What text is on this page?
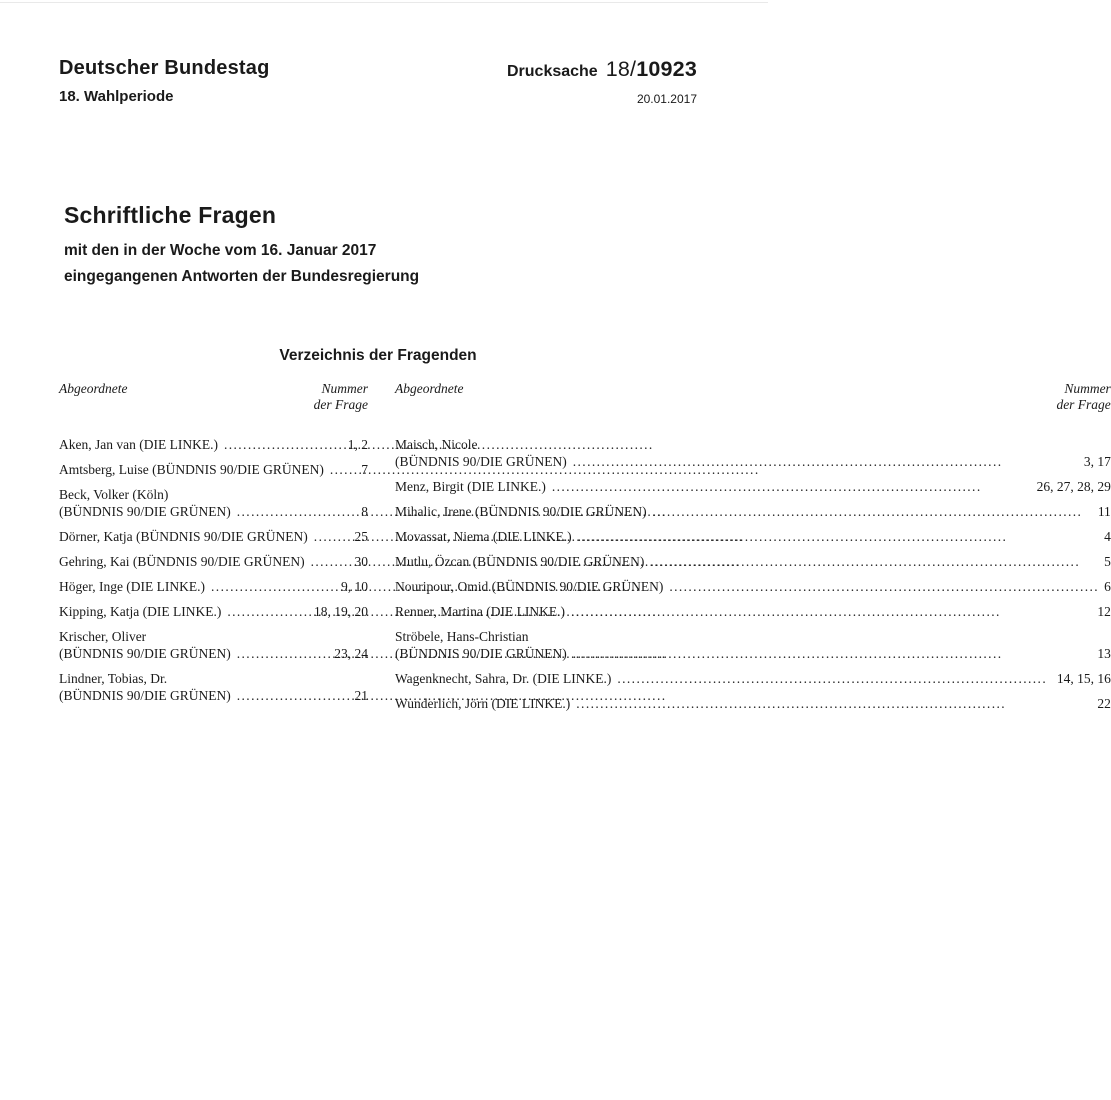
Deutscher Bundestag
18. Wahlperiode
Drucksache 18/10923
20.01.2017
Schriftliche Fragen
mit den in der Woche vom 16. Januar 2017
eingegangenen Antworten der Bundesregierung
Verzeichnis der Fragenden
Abgeordnete	Nummer
der Frage
Aken, Jan van (DIE LINKE.) .....	1, 2
Amtsberg, Luise (BÜNDNIS 90/DIE GRÜNEN) .....	7
Beck, Volker (Köln)
(BÜNDNIS 90/DIE GRÜNEN) .....	8
Dörner, Katja (BÜNDNIS 90/DIE GRÜNEN) .....	25
Gehring, Kai (BÜNDNIS 90/DIE GRÜNEN) .....	30
Höger, Inge (DIE LINKE.) .....	9, 10
Kipping, Katja (DIE LINKE.) .....	18, 19, 20
Krischer, Oliver
(BÜNDNIS 90/DIE GRÜNEN) .....	23, 24
Lindner, Tobias, Dr.
(BÜNDNIS 90/DIE GRÜNEN) .....	21
Abgeordnete	Nummer
der Frage
Maisch, Nicole
(BÜNDNIS 90/DIE GRÜNEN) .....	3, 17
Menz, Birgit (DIE LINKE.) .....	26, 27, 28, 29
Mihalic, Irene (BÜNDNIS 90/DIE GRÜNEN) .....	11
Movassat, Niema (DIE LINKE.) .....	4
Mutlu, Özcan (BÜNDNIS 90/DIE GRÜNEN) .....	5
Nouripour, Omid (BÜNDNIS 90/DIE GRÜNEN) .....	6
Renner, Martina (DIE LINKE.) .....	12
Ströbele, Hans-Christian
(BÜNDNIS 90/DIE GRÜNEN) .....	13
Wagenknecht, Sahra, Dr. (DIE LINKE.) .....	14, 15, 16
Wunderlich, Jörn (DIE LINKE.) .....	22
